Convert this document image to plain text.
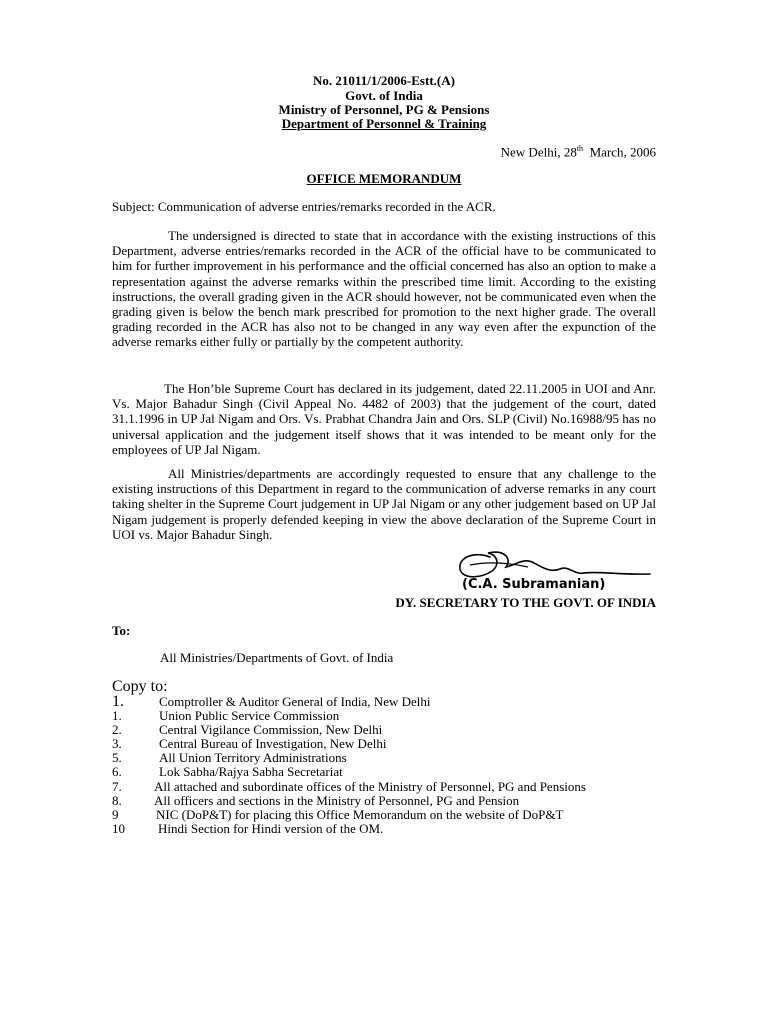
No. 21011/1/2006-Estt.(A)
Govt. of India
Ministry of Personnel, PG & Pensions
Department of Personnel & Training
New Delhi, 28th  March, 2006
OFFICE MEMORANDUM
Subject: Communication of adverse entries/remarks recorded in the ACR.

The undersigned is directed to state that in accordance with the existing instructions of this Department, adverse entries/remarks recorded in the ACR of the official have to be communicated to him for further improvement in his performance and the official concerned has also an option to make a representation against the adverse remarks within the prescribed time limit. According to the existing instructions, the overall grading given in the ACR should however, not be communicated even when the grading given is below the bench mark prescribed for promotion to the next higher grade. The overall grading recorded in the ACR has also not to be changed in any way even after the expunction of the adverse remarks either fully or partially by the competent authority.

The Hon’ble Supreme Court has declared in its judgement, dated 22.11.2005 in UOI and Anr. Vs. Major Bahadur Singh (Civil Appeal No. 4482 of 2003) that the judgement of the court, dated 31.1.1996 in UP Jal Nigam and Ors. Vs. Prabhat Chandra Jain and Ors. SLP (Civil) No.16988/95 has no universal application and the judgement itself shows that it was intended to be meant only for the employees of UP Jal Nigam.

All Ministries/departments are accordingly requested to ensure that any challenge to the existing instructions of this Department in regard to the communication of adverse remarks in any court taking shelter in the Supreme Court judgement in UP Jal Nigam or any other judgement based on UP Jal Nigam judgement is properly defended keeping in view the above declaration of the Supreme Court in UOI vs. Major Bahadur Singh.

(C.A. Subramanian)
DY. SECRETARY TO THE GOVT. OF INDIA
To:
All Ministries/Departments of Govt. of India
Copy to:
1.	Comptroller & Auditor General of India, New Delhi
1.	Union Public Service Commission
2.	Central Vigilance Commission, New Delhi
3.	Central Bureau of Investigation, New Delhi
5.	All Union Territory Administrations
6.	Lok Sabha/Rajya Sabha Secretariat
7. All attached and subordinate offices of the Ministry of Personnel, PG and Pensions
8. All officers and sections in the Ministry of Personnel, PG and Pension
9	NIC (DoP&T) for placing this Office Memorandum on the website of DoP&T
10	Hindi Section for Hindi version of the OM.
